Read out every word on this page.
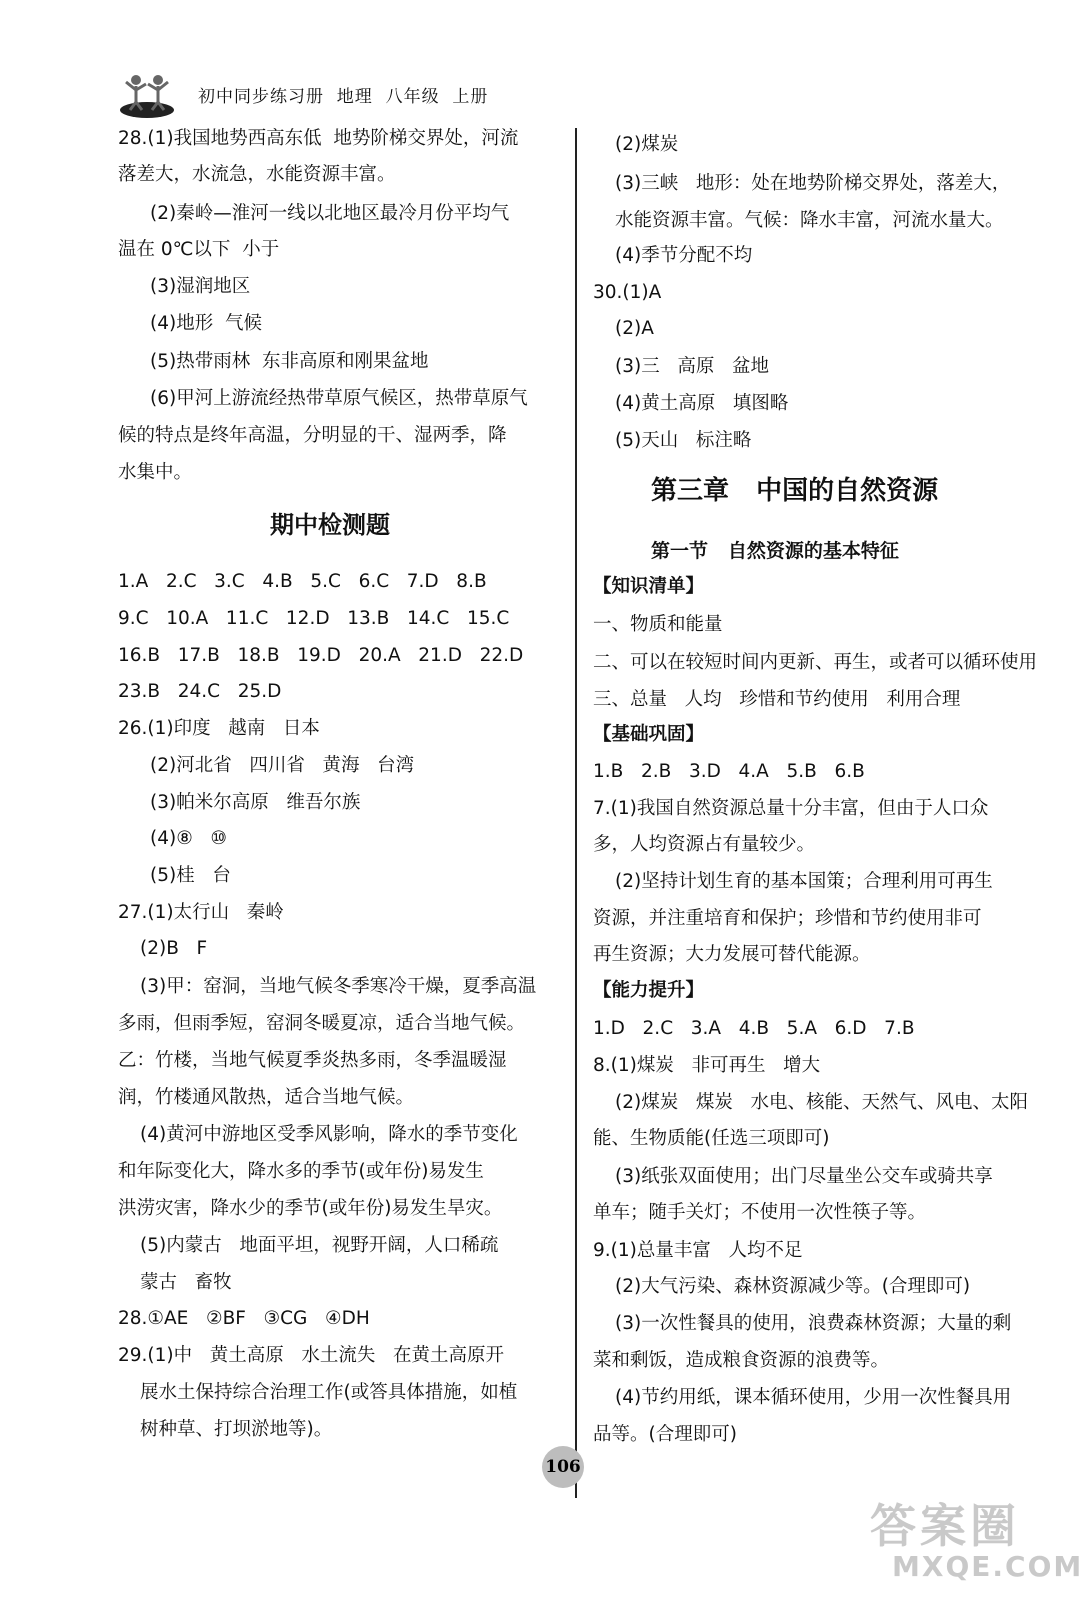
初中同步练习册  地理  八年级  上册
28.(1)我国地势西高东低  地势阶梯交界处，河流
落差大，水流急，水能资源丰富。
(2)秦岭—淮河一线以北地区最冷月份平均气
温在 0℃以下  小于
(3)湿润地区
(4)地形  气候
(5)热带雨林  东非高原和刚果盆地
(6)甲河上游流经热带草原气候区，热带草原气
候的特点是终年高温，分明显的干、湿两季，降
水集中。
期中检测题
1.A   2.C   3.C   4.B   5.C   6.C   7.D   8.B
9.C   10.A   11.C   12.D   13.B   14.C   15.C
16.B   17.B   18.B   19.D   20.A   21.D   22.D
23.B   24.C   25.D
26.(1)印度   越南   日本
(2)河北省   四川省   黄海   台湾
(3)帕米尔高原   维吾尔族
(4)⑧   ⑩
(5)桂   台
27.(1)太行山   秦岭
(2)B   F
(3)甲：窑洞，当地气候冬季寒冷干燥，夏季高温
多雨，但雨季短，窑洞冬暖夏凉，适合当地气候。
乙：竹楼，当地气候夏季炎热多雨，冬季温暖湿
润，竹楼通风散热，适合当地气候。
(4)黄河中游地区受季风影响，降水的季节变化
和年际变化大，降水多的季节(或年份)易发生
洪涝灾害，降水少的季节(或年份)易发生旱灾。
(5)内蒙古   地面平坦，视野开阔，人口稀疏
蒙古   畜牧
28.①AE   ②BF   ③CG   ④DH
29.(1)中   黄土高原   水土流失   在黄土高原开
展水土保持综合治理工作(或答具体措施，如植
树种草、打坝淤地等)。
(2)煤炭
(3)三峡   地形：处在地势阶梯交界处，落差大，
水能资源丰富。气候：降水丰富，河流水量大。
(4)季节分配不均
30.(1)A
(2)A
(3)三   高原   盆地
(4)黄土高原   填图略
(5)天山   标注略
第三章   中国的自然资源
第一节   自然资源的基本特征
【知识清单】
一、物质和能量
二、可以在较短时间内更新、再生，或者可以循环使用
三、总量   人均   珍惜和节约使用   利用合理
【基础巩固】
1.B   2.B   3.D   4.A   5.B   6.B
7.(1)我国自然资源总量十分丰富，但由于人口众
多，人均资源占有量较少。
(2)坚持计划生育的基本国策；合理利用可再生
资源，并注重培育和保护；珍惜和节约使用非可
再生资源；大力发展可替代能源。
【能力提升】
1.D   2.C   3.A   4.B   5.A   6.D   7.B
8.(1)煤炭   非可再生   增大
(2)煤炭   煤炭   水电、核能、天然气、风电、太阳
能、生物质能(任选三项即可)
(3)纸张双面使用；出门尽量坐公交车或骑共享
单车；随手关灯；不使用一次性筷子等。
9.(1)总量丰富   人均不足
(2)大气污染、森林资源减少等。(合理即可)
(3)一次性餐具的使用，浪费森林资源；大量的剩
菜和剩饭，造成粮食资源的浪费等。
(4)节约用纸，课本循环使用，少用一次性餐具用
品等。(合理即可)
106
答案圈
MXQE.COM
